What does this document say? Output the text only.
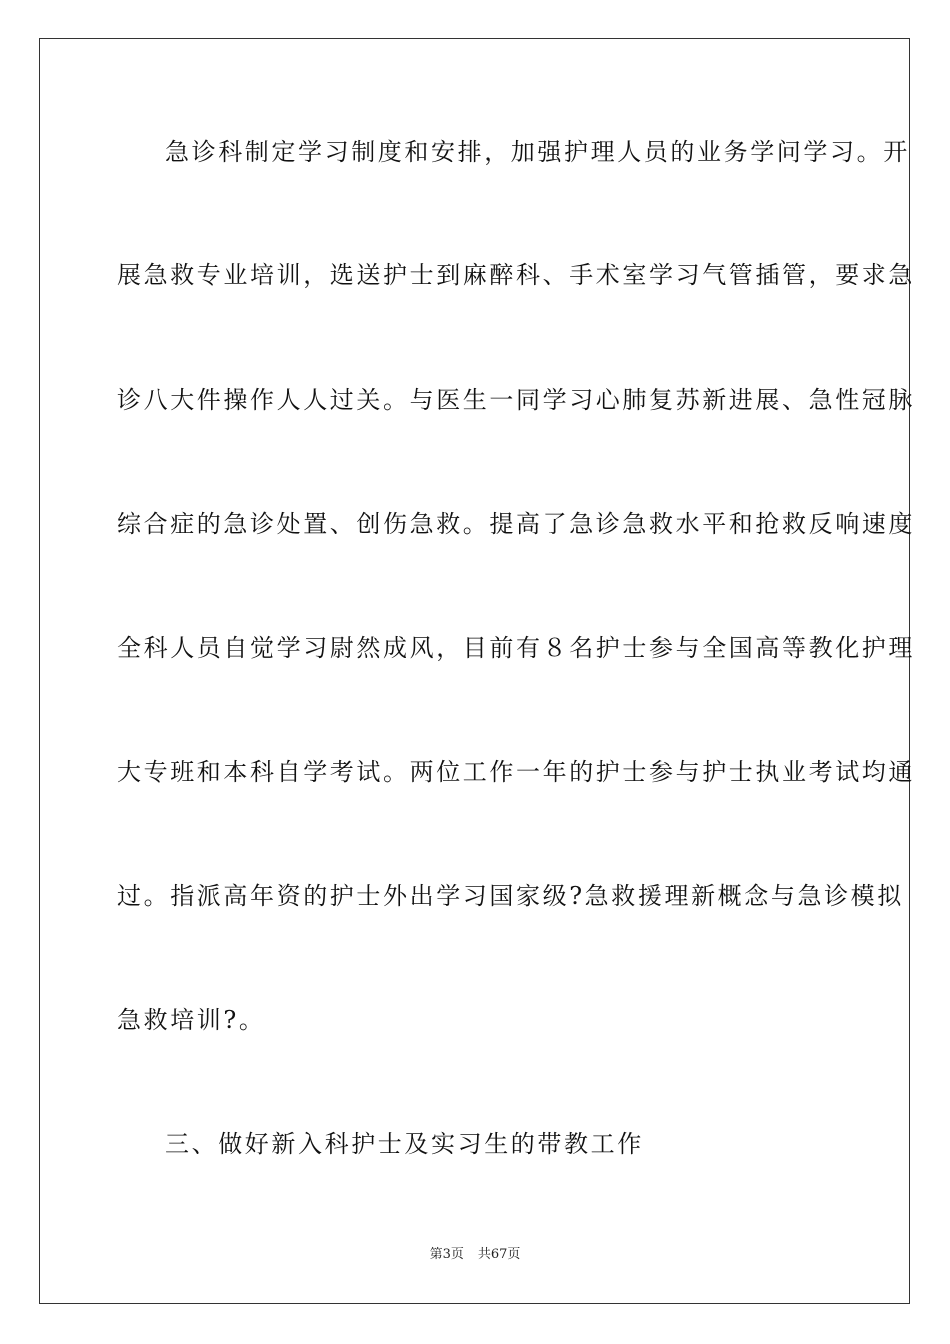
急诊科制定学习制度和安排，加强护理人员的业务学问学习。开
展急救专业培训，选送护士到麻醉科、手术室学习气管插管，要求急
诊八大件操作人人过关。与医生一同学习心肺复苏新进展、急性冠脉
综合症的急诊处置、创伤急救。提高了急诊急救水平和抢救反响速度
全科人员自觉学习尉然成风，目前有８名护士参与全国高等教化护理
大专班和本科自学考试。两位工作一年的护士参与护士执业考试均通
过。指派高年资的护士外出学习国家级?急救援理新概念与急诊模拟
急救培训?。
三、做好新入科护士及实习生的带教工作
第3页 共67页
